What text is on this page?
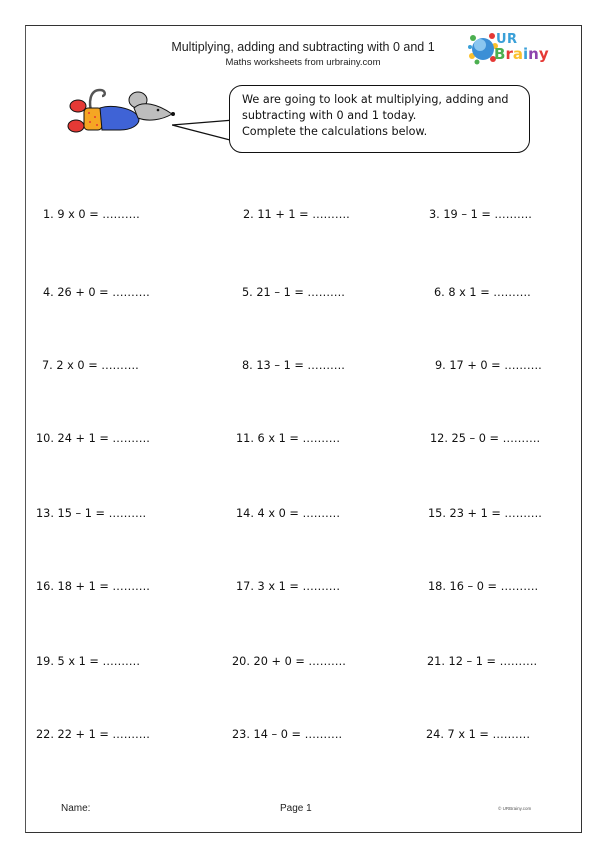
Multiplying, adding and subtracting with 0 and 1
Maths worksheets from urbrainy.com
UR
Brainy
We are going to look at multiplying, adding and
subtracting with 0 and 1 today.
Complete the calculations below.
1. 9 x 0 = ……….	2. 11 + 1 = ……….	3. 19 – 1 = ……….
4. 26 + 0 = ……….	5. 21 – 1 = ……….	6. 8 x 1 = ……….
7. 2 x 0 = ……….	8. 13 – 1 = ……….	9. 17 + 0 = ……….
10. 24 + 1 = ……….	11. 6 x 1 = ……….	12. 25 – 0 = ……….
13. 15 – 1 = ……….	14. 4 x 0 = ……….	15. 23 + 1 = ……….
16. 18 + 1 = ……….	17. 3 x 1 = ……….	18. 16 – 0 = ……….
19. 5 x 1 = ……….	20. 20 + 0 = ……….	21. 12 – 1 = ……….
22. 22 + 1 = ……….	23. 14 – 0 = ……….	24. 7 x 1 = ……….
Name:	Page 1	© URBrainy.com
